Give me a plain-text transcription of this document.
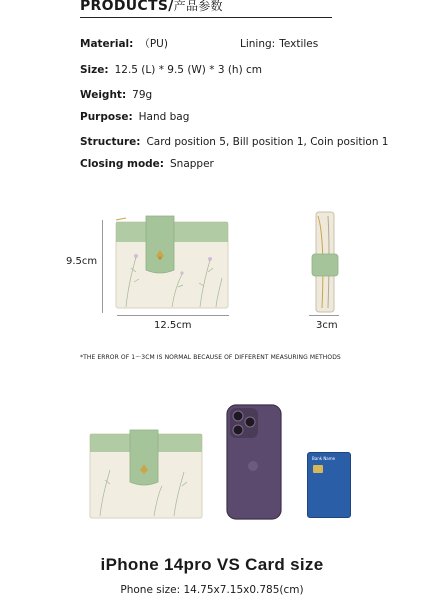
PRODUCTS/产品参数
Material: （PU)	Lining: Textiles
Size: 12.5 (L) * 9.5 (W) * 3 (h) cm
Weight: 79g
Purpose: Hand bag
Structure: Card position 5, Bill position 1, Coin position 1
Closing mode: Snapper
9.5cm
12.5cm	3cm
*THE ERROR OF 1～3CM IS NORMAL BECAUSE OF DIFFERENT MEASURING METHODS
Bank Name
iPhone 14pro VS Card size
Phone size: 14.75x7.15x0.785(cm)
